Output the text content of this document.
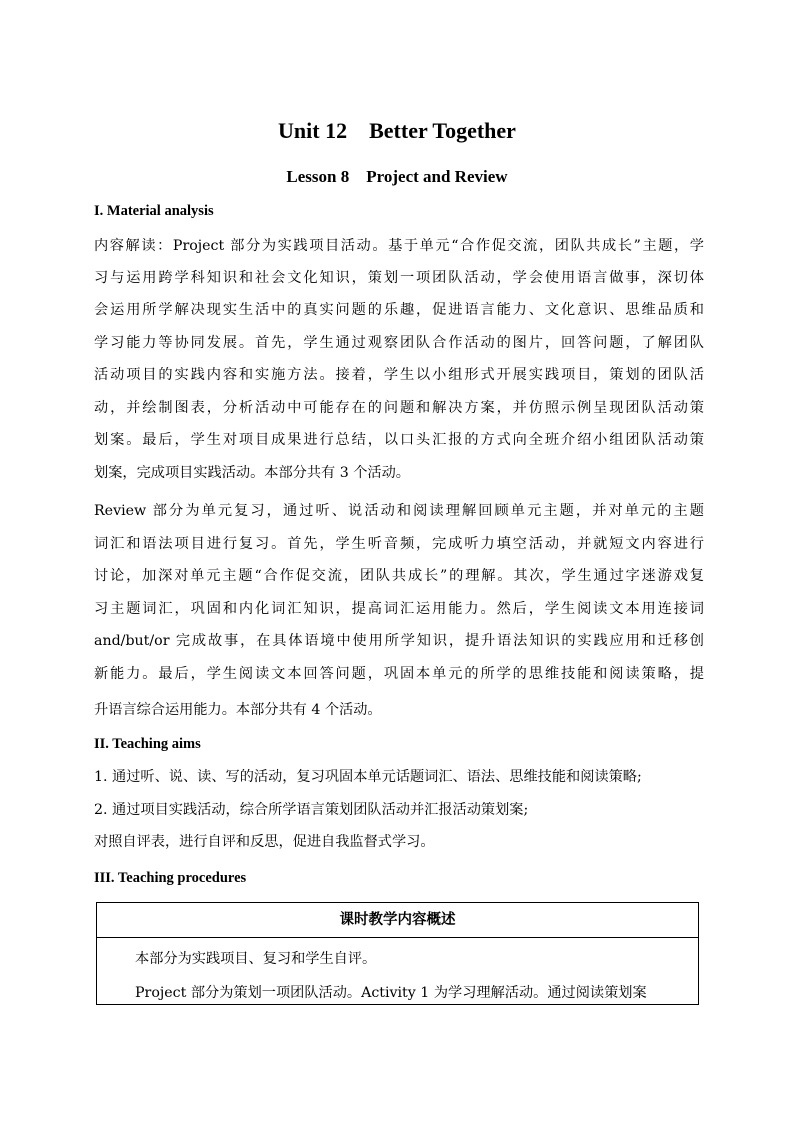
Unit 12    Better Together
Lesson 8    Project and Review
I. Material analysis
内容解读：Project 部分为实践项目活动。基于单元“合作促交流，团队共成长”主题，学
习与运用跨学科知识和社会文化知识，策划一项团队活动，学会使用语言做事，深切体
会运用所学解决现实生活中的真实问题的乐趣，促进语言能力、文化意识、思维品质和
学习能力等协同发展。首先，学生通过观察团队合作活动的图片，回答问题，了解团队
活动项目的实践内容和实施方法。接着，学生以小组形式开展实践项目，策划的团队活
动，并绘制图表，分析活动中可能存在的问题和解决方案，并仿照示例呈现团队活动策
划案。最后，学生对项目成果进行总结，以口头汇报的方式向全班介绍小组团队活动策
划案，完成项目实践活动。本部分共有 3 个活动。
Review 部分为单元复习，通过听、说活动和阅读理解回顾单元主题，并对单元的主题
词汇和语法项目进行复习。首先，学生听音频，完成听力填空活动，并就短文内容进行
讨论，加深对单元主题“合作促交流，团队共成长”的理解。其次，学生通过字迷游戏复
习主题词汇，巩固和内化词汇知识，提高词汇运用能力。然后，学生阅读文本用连接词
and/but/or 完成故事，在具体语境中使用所学知识，提升语法知识的实践应用和迁移创
新能力。最后，学生阅读文本回答问题，巩固本单元的所学的思维技能和阅读策略，提
升语言综合运用能力。本部分共有 4 个活动。
II. Teaching aims
1. 通过听、说、读、写的活动，复习巩固本单元话题词汇、语法、思维技能和阅读策略;
2. 通过项目实践活动，综合所学语言策划团队活动并汇报活动策划案;
对照自评表，进行自评和反思，促进自我监督式学习。
III. Teaching procedures
课时教学内容概述
本部分为实践项目、复习和学生自评。
Project 部分为策划一项团队活动。Activity 1 为学习理解活动。通过阅读策划案
